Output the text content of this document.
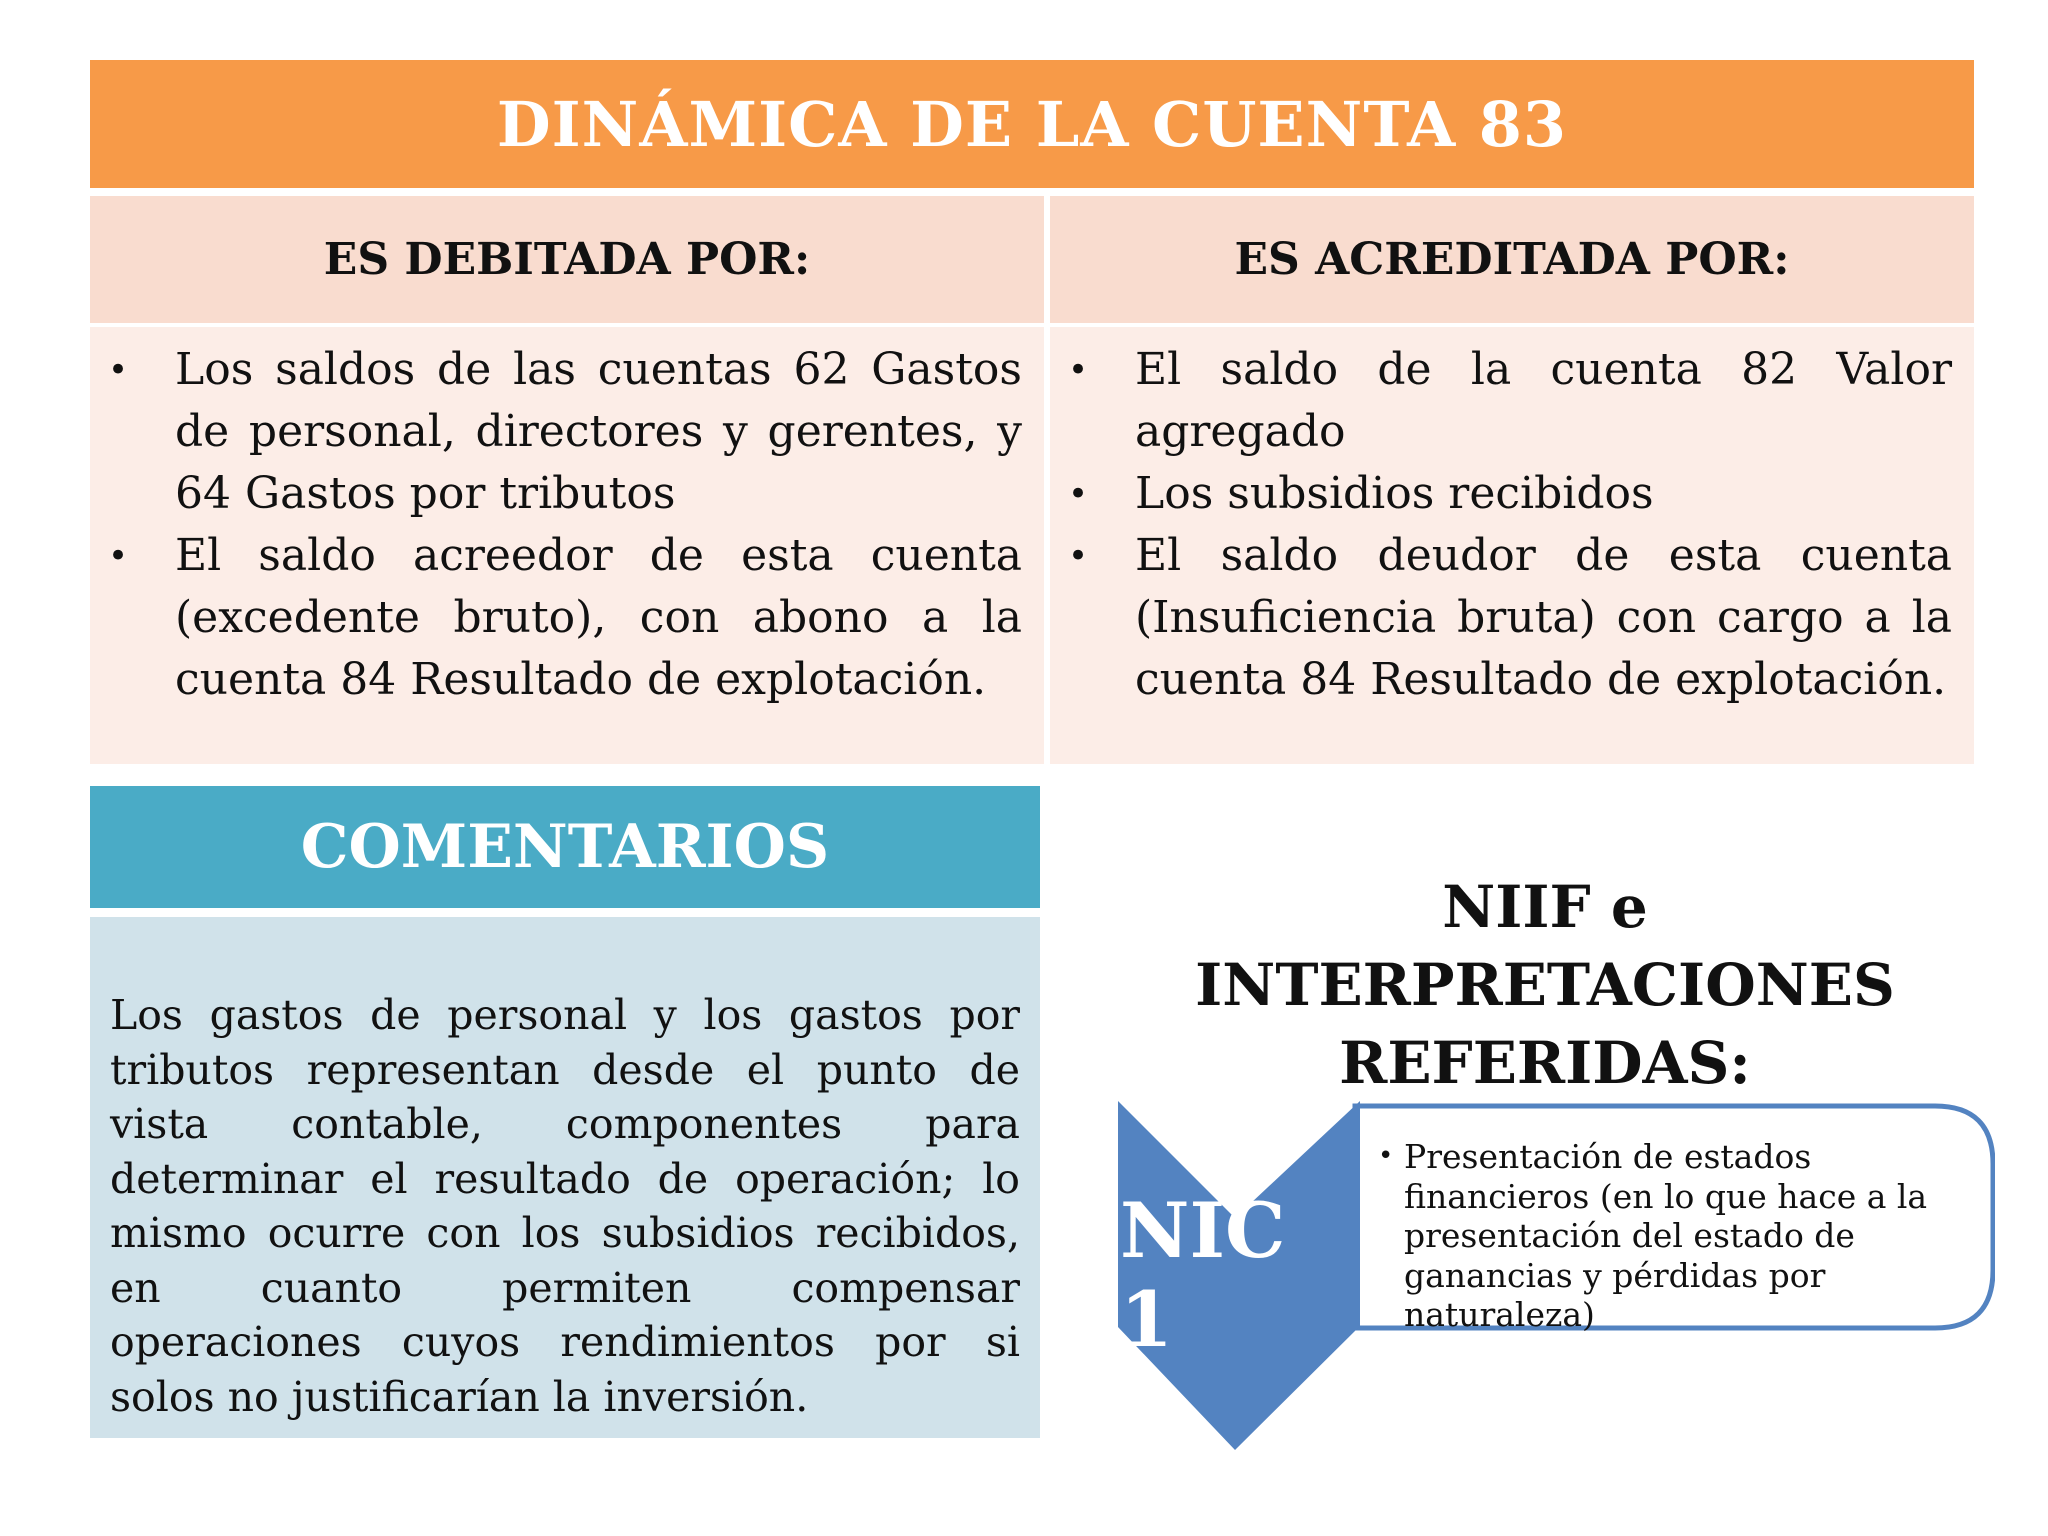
DINÁMICA DE LA CUENTA 83
ES DEBITADA POR:	ES ACREDITADA POR:
• Los saldos de las cuentas 62 Gastos de personal, directores y gerentes, y 64 Gastos por tributos
• El saldo acreedor de esta cuenta (excedente bruto), con abono a la cuenta 84 Resultado de explotación.
• El saldo de la cuenta 82 Valor agregado
• Los subsidios recibidos
• El saldo deudor de esta cuenta (Insuficiencia bruta) con cargo a la cuenta 84 Resultado de explotación.
COMENTARIOS

Los gastos de personal y los gastos por tributos representan desde el punto de vista contable, componentes para determinar el resultado de operación; lo mismo ocurre con los subsidios recibidos, en cuanto permiten compensar operaciones cuyos rendimientos por si solos no justificarían la inversión.

NIIF e INTERPRETACIONES
REFERIDAS:
NIC 1
• Presentación de estados financieros (en lo que hace a la presentación del estado de ganancias y pérdidas por naturaleza)
